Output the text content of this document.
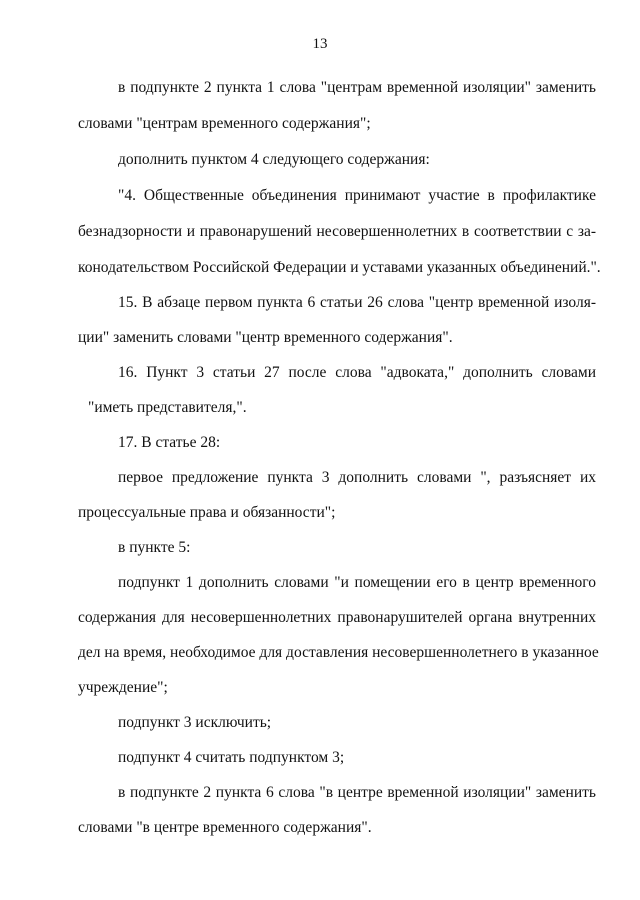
13
в подпункте 2 пункта 1 слова "центрам временной изоляции" заменить
словами "центрам временного содержания";
дополнить пунктом 4 следующего содержания:
"4. Общественные объединения принимают участие в профилактике
безнадзорности и правонарушений несовершеннолетних в соответствии с за-
конодательством Российской Федерации и уставами указанных объединений.".
15. В абзаце первом пункта 6 статьи 26 слова "центр временной изоля-
ции" заменить словами "центр временного содержания".
16. Пункт 3 статьи 27 после слова "адвоката," дополнить словами
"иметь представителя,".
17. В статье 28:
первое предложение пункта 3 дополнить словами ", разъясняет их
процессуальные права и обязанности";
в пункте 5:
подпункт 1 дополнить словами "и помещении его в центр временного
содержания для несовершеннолетних правонарушителей органа внутренних
дел на время, необходимое для доставления несовершеннолетнего в указанное
учреждение";
подпункт 3 исключить;
подпункт 4 считать подпунктом 3;
в подпункте 2 пункта 6 слова "в центре временной изоляции" заменить
словами "в центре временного содержания".
